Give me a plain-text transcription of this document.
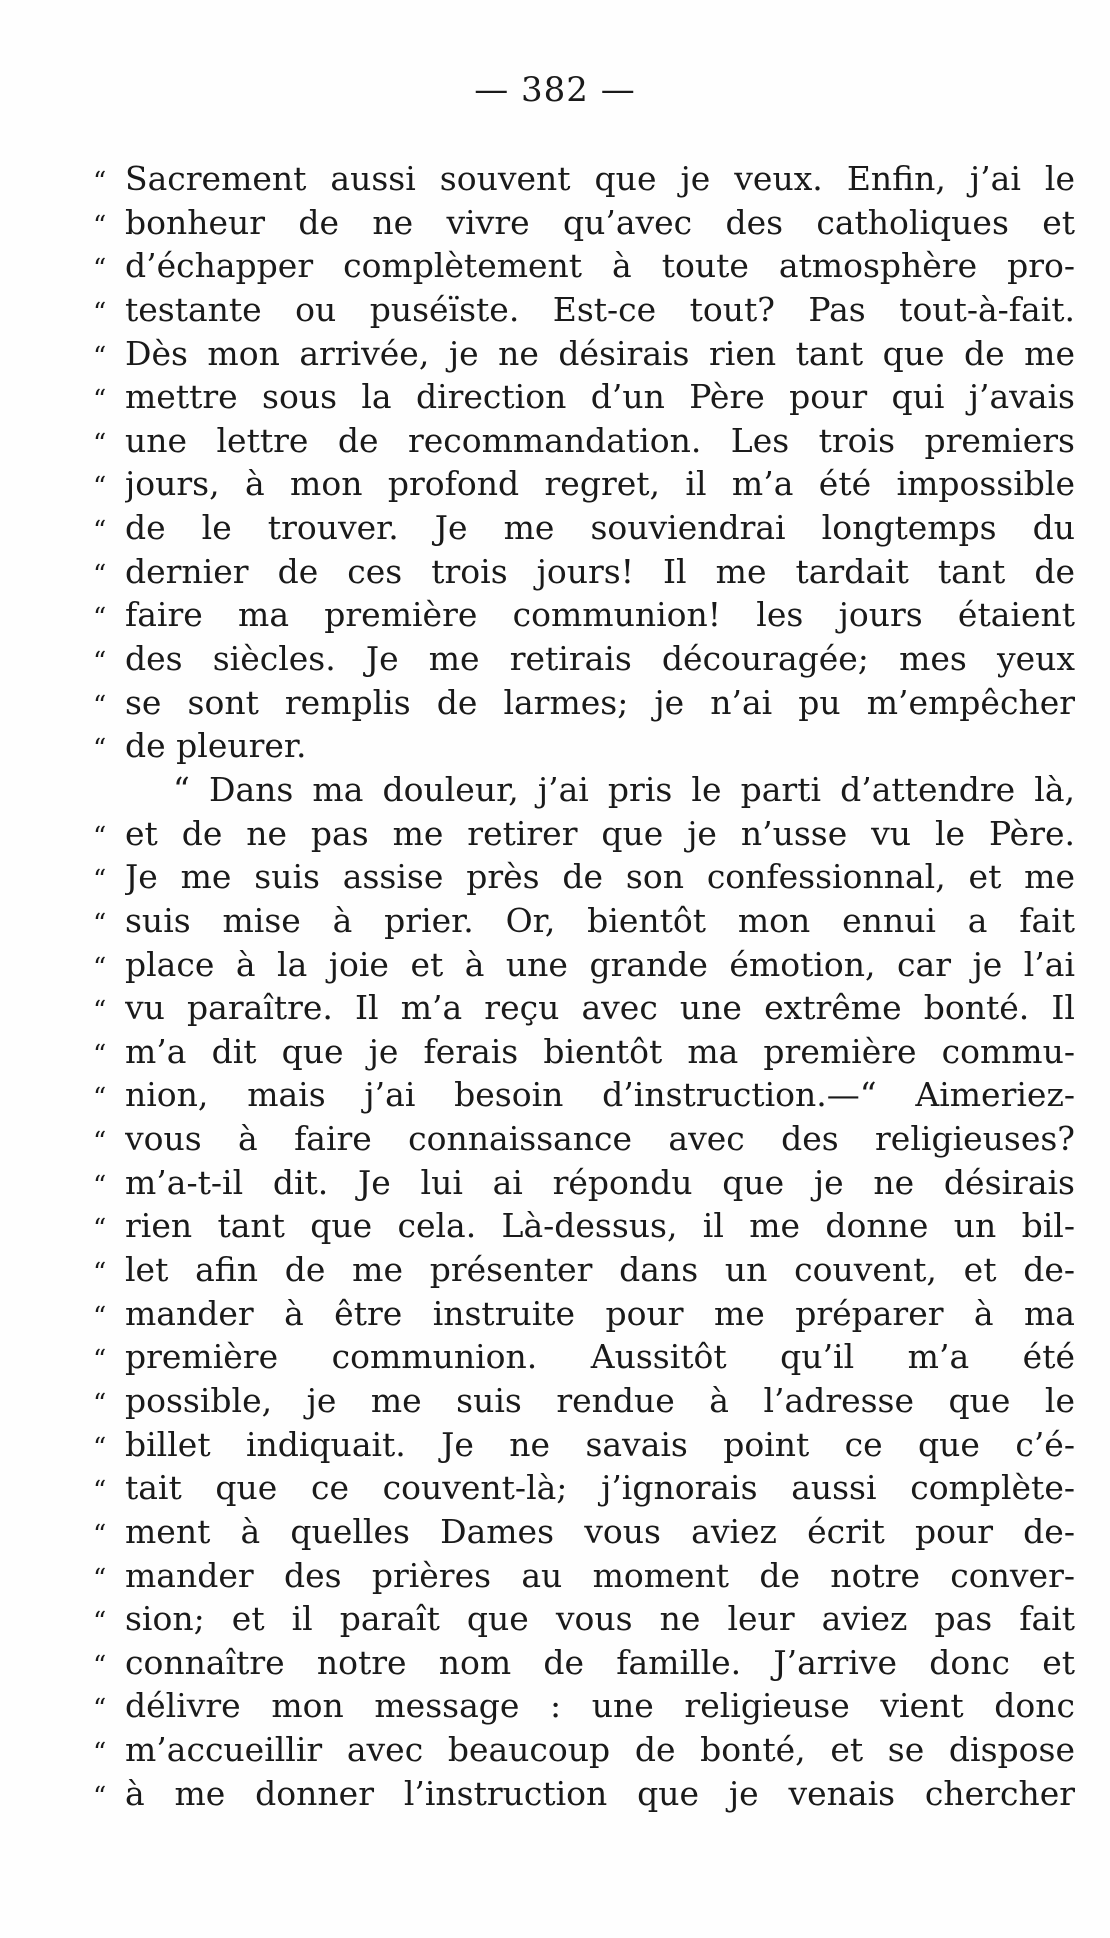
— 382 —
“ Sacrement aussi souvent que je veux. Enfin, j’ai le
“ bonheur de ne vivre qu’avec des catholiques et
“ d’échapper complètement à toute atmosphère pro-
“ testante ou puséïste. Est-ce tout? Pas tout-à-fait.
“ Dès mon arrivée, je ne désirais rien tant que de me
“ mettre sous la direction d’un Père pour qui j’avais
“ une lettre de recommandation. Les trois premiers
“ jours, à mon profond regret, il m’a été impossible
“ de le trouver. Je me souviendrai longtemps du
“ dernier de ces trois jours! Il me tardait tant de
“ faire ma première communion! les jours étaient
“ des siècles. Je me retirais découragée; mes yeux
“ se sont remplis de larmes; je n’ai pu m’empêcher
“ de pleurer.
“ Dans ma douleur, j’ai pris le parti d’attendre là,
“ et de ne pas me retirer que je n’usse vu le Père.
“ Je me suis assise près de son confessionnal, et me
“ suis mise à prier. Or, bientôt mon ennui a fait
“ place à la joie et à une grande émotion, car je l’ai
“ vu paraître. Il m’a reçu avec une extrême bonté. Il
“ m’a dit que je ferais bientôt ma première commu-
“ nion, mais j’ai besoin d’instruction.—“ Aimeriez-
“ vous à faire connaissance avec des religieuses?
“ m’a-t-il dit. Je lui ai répondu que je ne désirais
“ rien tant que cela. Là-dessus, il me donne un bil-
“ let afin de me présenter dans un couvent, et de-
“ mander à être instruite pour me préparer à ma
“ première communion. Aussitôt qu’il m’a été
“ possible, je me suis rendue à l’adresse que le
“ billet indiquait. Je ne savais point ce que c’é-
“ tait que ce couvent-là; j’ignorais aussi complète-
“ ment à quelles Dames vous aviez écrit pour de-
“ mander des prières au moment de notre conver-
“ sion; et il paraît que vous ne leur aviez pas fait
“ connaître notre nom de famille. J’arrive donc et
“ délivre mon message : une religieuse vient donc
“ m’accueillir avec beaucoup de bonté, et se dispose
“ à me donner l’instruction que je venais chercher
